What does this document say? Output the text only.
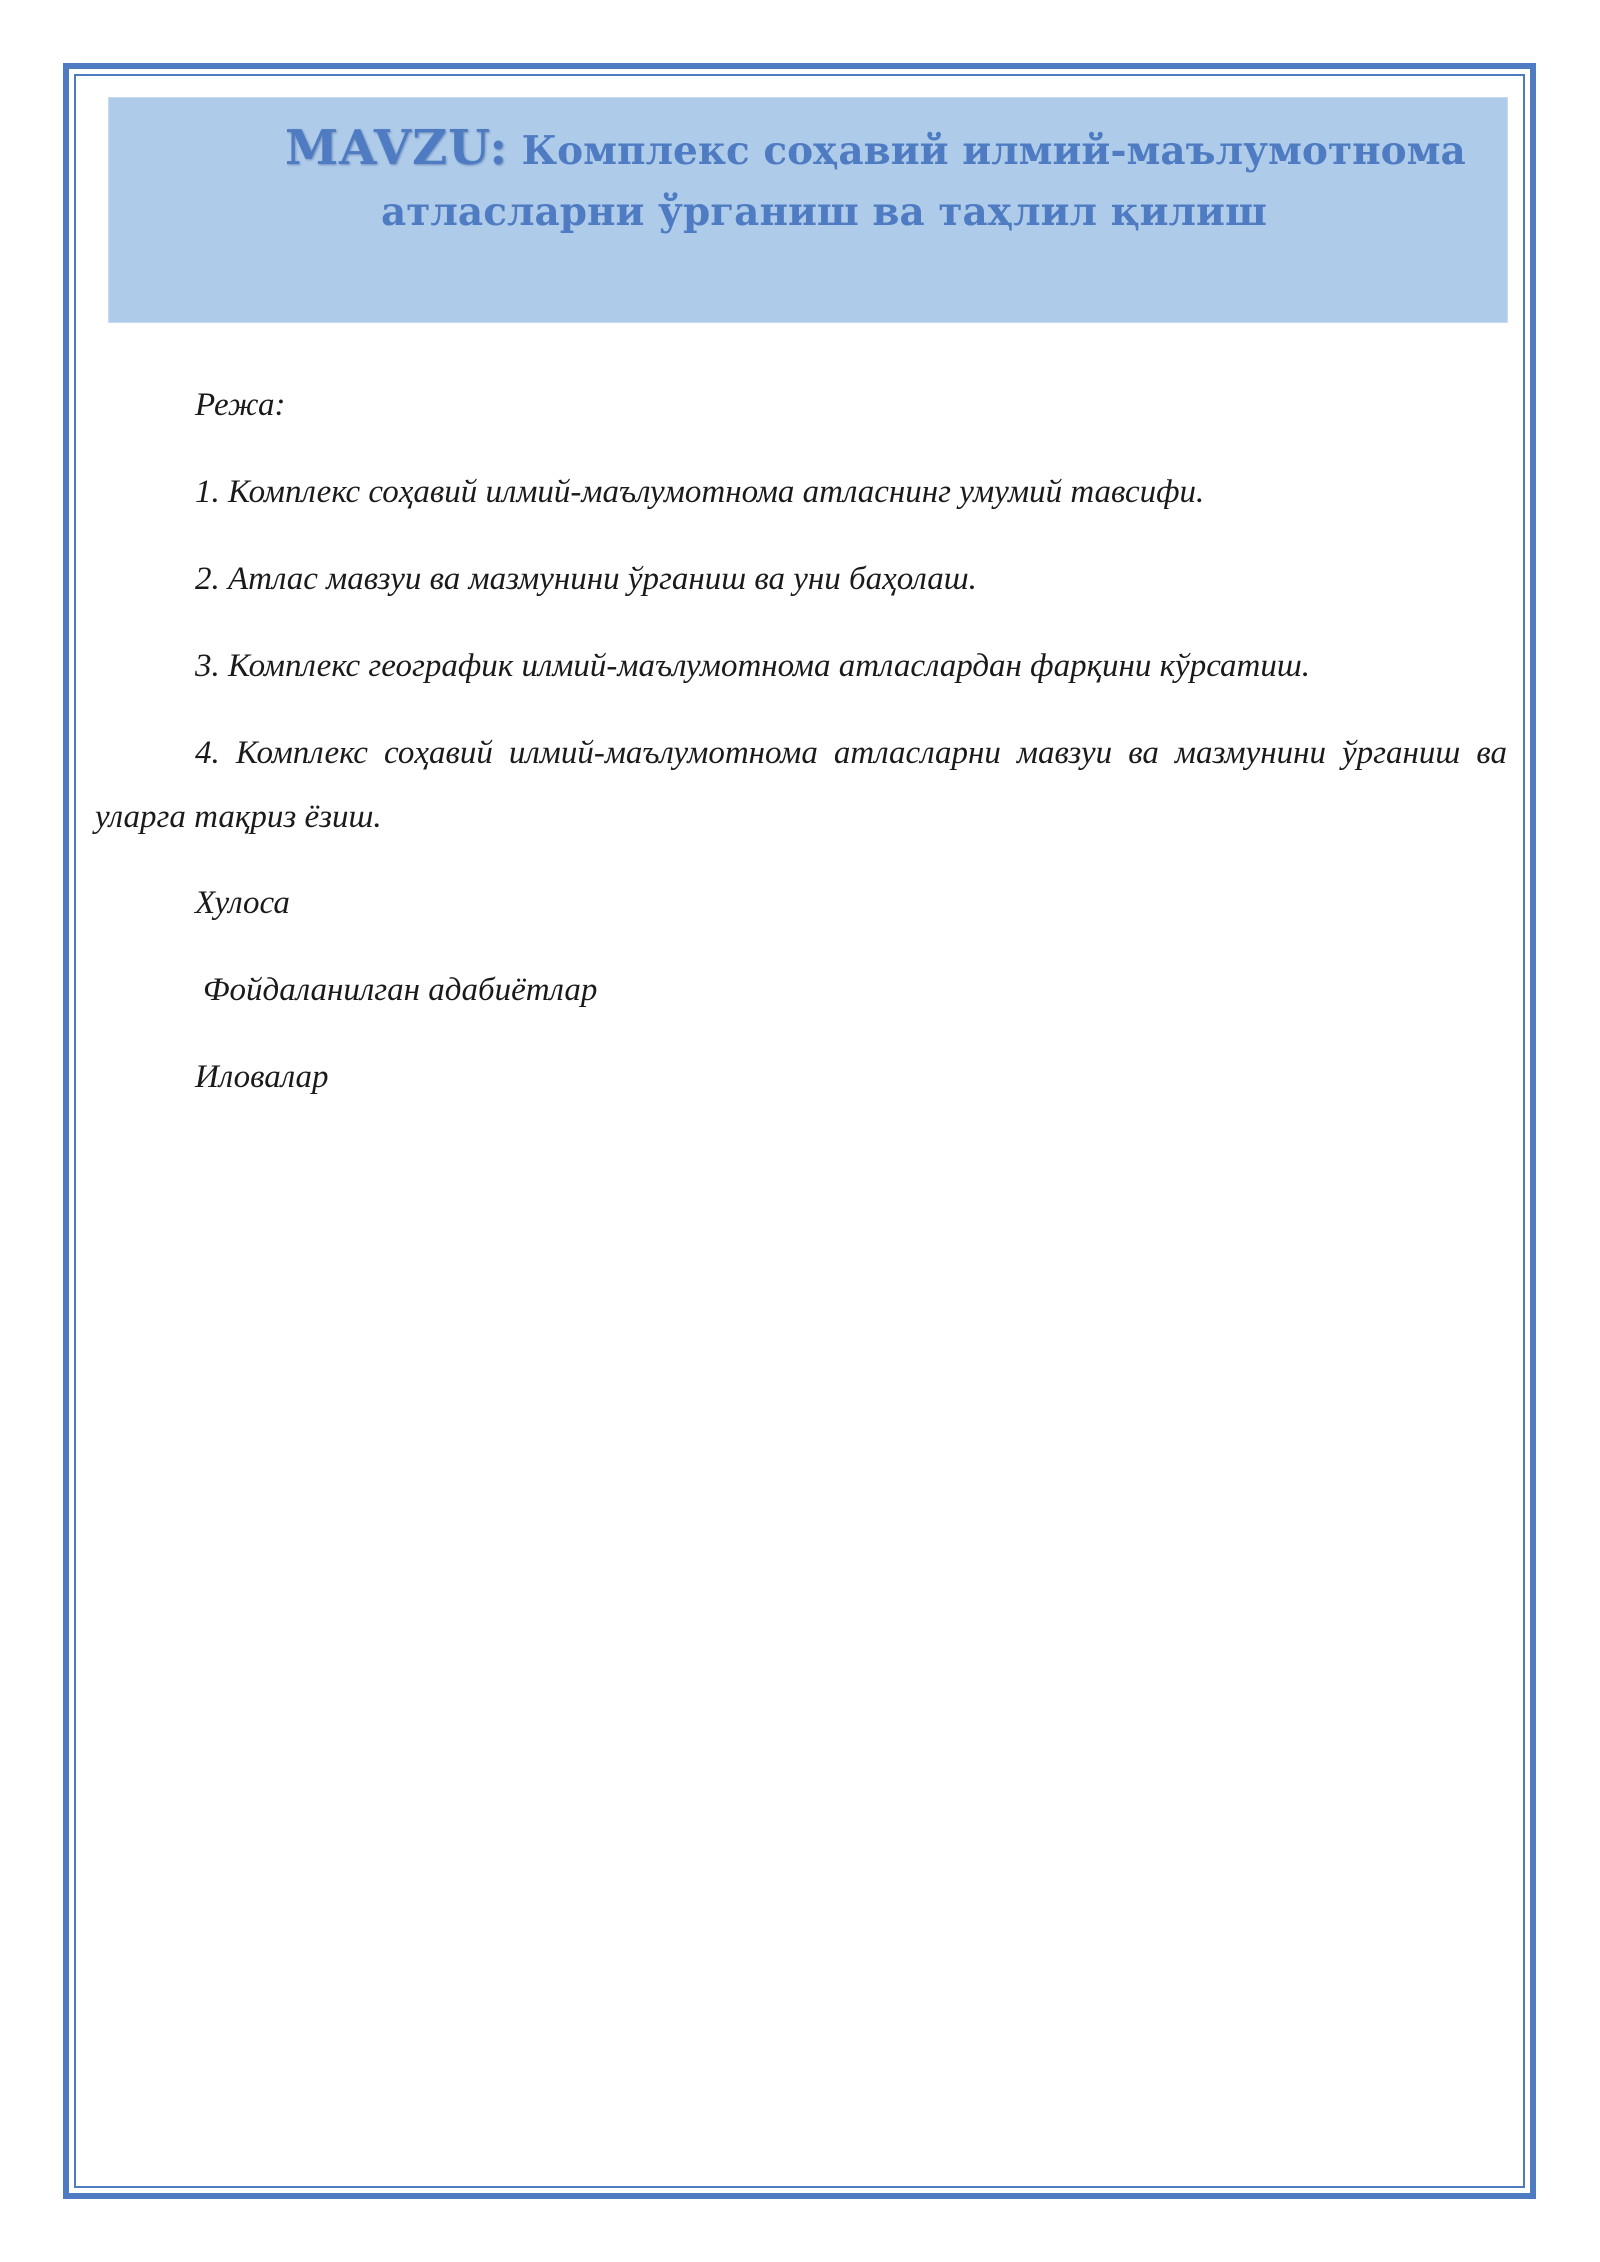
MAVZU: Комплекс соҳавий илмий-маълумотнома
атласларни ўрганиш ва таҳлил қилиш
Режа:
1. Комплекс соҳавий илмий-маълумотнома атласнинг умумий тавсифи.
2. Атлас мавзуи ва мазмунини ўрганиш ва уни баҳолаш.
3. Комплекс географик илмий-маълумотнома атласлардан фарқини кўрсатиш.
4. Комплекс соҳавий илмий-маълумотнома атласларни мавзуи ва мазмунини ўрганиш ва уларга тақриз ёзиш.
Хулоса
Фойдаланилган адабиётлар
Иловалар
